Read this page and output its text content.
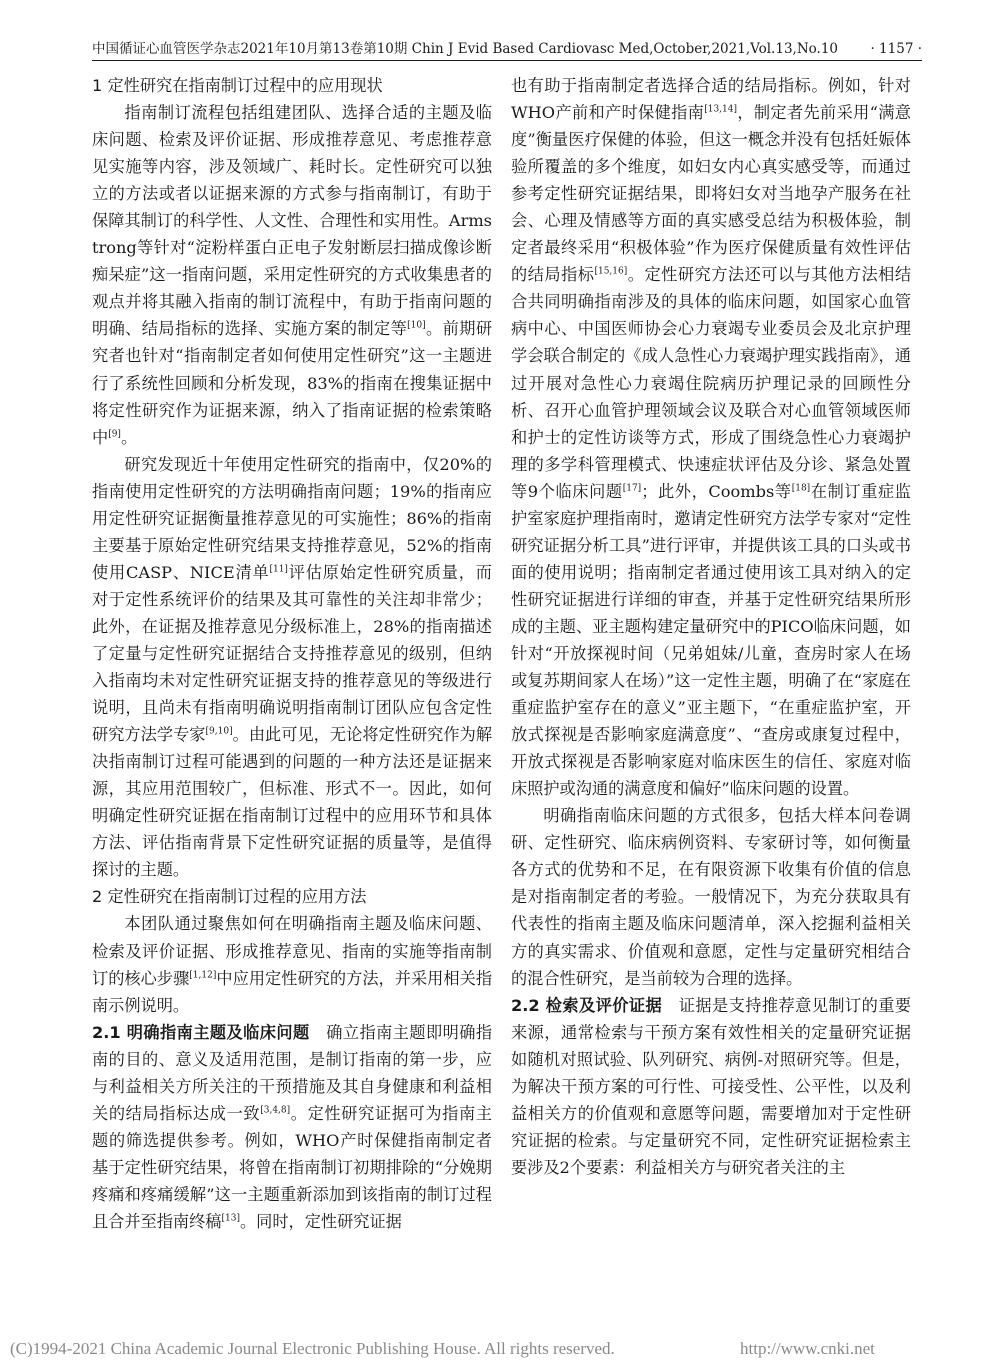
中国循证心血管医学杂志2021年10月第13卷第10期 Chin J Evid Based Cardiovasc Med,October,2021,Vol.13,No.10 · 1157 ·
1 定性研究在指南制订过程中的应用现状

指南制订流程包括组建团队、选择合适的主题及临床问题、检索及评价证据、形成推荐意见、考虑推荐意见实施等内容，涉及领域广、耗时长。定性研究可以独立的方法或者以证据来源的方式参与指南制订，有助于保障其制订的科学性、人文性、合理性和实用性。Armstrong等针对“淀粉样蛋白正电子发射断层扫描成像诊断痴呆症”这一指南问题，采用定性研究的方式收集患者的观点并将其融入指南的制订流程中，有助于指南问题的明确、结局指标的选择、实施方案的制定等[10]。前期研究者也针对“指南制定者如何使用定性研究”这一主题进行了系统性回顾和分析发现，83%的指南在搜集证据中将定性研究作为证据来源，纳入了指南证据的检索策略中[9]。

研究发现近十年使用定性研究的指南中，仅20%的指南使用定性研究的方法明确指南问题；19%的指南应用定性研究证据衡量推荐意见的可实施性；86%的指南主要基于原始定性研究结果支持推荐意见，52%的指南使用CASP、NICE清单[11]评估原始定性研究质量，而对于定性系统评价的结果及其可靠性的关注却非常少；此外，在证据及推荐意见分级标准上，28%的指南描述了定量与定性研究证据结合支持推荐意见的级别，但纳入指南均未对定性研究证据支持的推荐意见的等级进行说明，且尚未有指南明确说明指南制订团队应包含定性研究方法学专家[9,10]。由此可见，无论将定性研究作为解决指南制订过程可能遇到的问题的一种方法还是证据来源，其应用范围较广，但标准、形式不一。因此，如何明确定性研究证据在指南制订过程中的应用环节和具体方法、评估指南背景下定性研究证据的质量等，是值得探讨的主题。

2 定性研究在指南制订过程的应用方法

本团队通过聚焦如何在明确指南主题及临床问题、检索及评价证据、形成推荐意见、指南的实施等指南制订的核心步骤[1,12]中应用定性研究的方法，并采用相关指南示例说明。

2.1 明确指南主题及临床问题  确立指南主题即明确指南的目的、意义及适用范围，是制订指南的第一步，应与利益相关方所关注的干预措施及其自身健康和利益相关的结局指标达成一致[3,4,8]。定性研究证据可为指南主题的筛选提供参考。例如，WHO产时保健指南制定者基于定性研究结果，将曾在指南制订初期排除的“分娩期疼痛和疼痛缓解”这一主题重新添加到该指南的制订过程且合并至指南终稿[13]。同时，定性研究证据

也有助于指南制定者选择合适的结局指标。例如，针对WHO产前和产时保健指南[13,14]，制定者先前采用“满意度”衡量医疗保健的体验，但这一概念并没有包括妊娠体验所覆盖的多个维度，如妇女内心真实感受等，而通过参考定性研究证据结果，即将妇女对当地孕产服务在社会、心理及情感等方面的真实感受总结为积极体验，制定者最终采用“积极体验”作为医疗保健质量有效性评估的结局指标[15,16]。定性研究方法还可以与其他方法相结合共同明确指南涉及的具体的临床问题，如国家心血管病中心、中国医师协会心力衰竭专业委员会及北京护理学会联合制定的《成人急性心力衰竭护理实践指南》，通过开展对急性心力衰竭住院病历护理记录的回顾性分析、召开心血管护理领域会议及联合对心血管领域医师和护士的定性访谈等方式，形成了围绕急性心力衰竭护理的多学科管理模式、快速症状评估及分诊、紧急处置等9个临床问题[17]；此外，Coombs等[18]在制订重症监护室家庭护理指南时，邀请定性研究方法学专家对“定性研究证据分析工具”进行评审，并提供该工具的口头或书面的使用说明；指南制定者通过使用该工具对纳入的定性研究证据进行详细的审查，并基于定性研究结果所形成的主题、亚主题构建定量研究中的PICO临床问题，如针对“开放探视时间（兄弟姐妹/儿童，查房时家人在场或复苏期间家人在场）”这一定性主题，明确了在“家庭在重症监护室存在的意义”亚主题下，“在重症监护室，开放式探视是否影响家庭满意度”、“查房或康复过程中，开放式探视是否影响家庭对临床医生的信任、家庭对临床照护或沟通的满意度和偏好”临床问题的设置。

明确指南临床问题的方式很多，包括大样本问卷调研、定性研究、临床病例资料、专家研讨等，如何衡量各方式的优势和不足，在有限资源下收集有价值的信息是对指南制定者的考验。一般情况下，为充分获取具有代表性的指南主题及临床问题清单，深入挖掘利益相关方的真实需求、价值观和意愿，定性与定量研究相结合的混合性研究，是当前较为合理的选择。

2.2 检索及评价证据  证据是支持推荐意见制订的重要来源，通常检索与干预方案有效性相关的定量研究证据如随机对照试验、队列研究、病例-对照研究等。但是，为解决干预方案的可行性、可接受性、公平性，以及利益相关方的价值观和意愿等问题，需要增加对于定性研究证据的检索。与定量研究不同，定性研究证据检索主要涉及2个要素：利益相关方与研究者关注的主

(C)1994-2021 China Academic Journal Electronic Publishing House. All rights reserved.	http://www.cnki.net
